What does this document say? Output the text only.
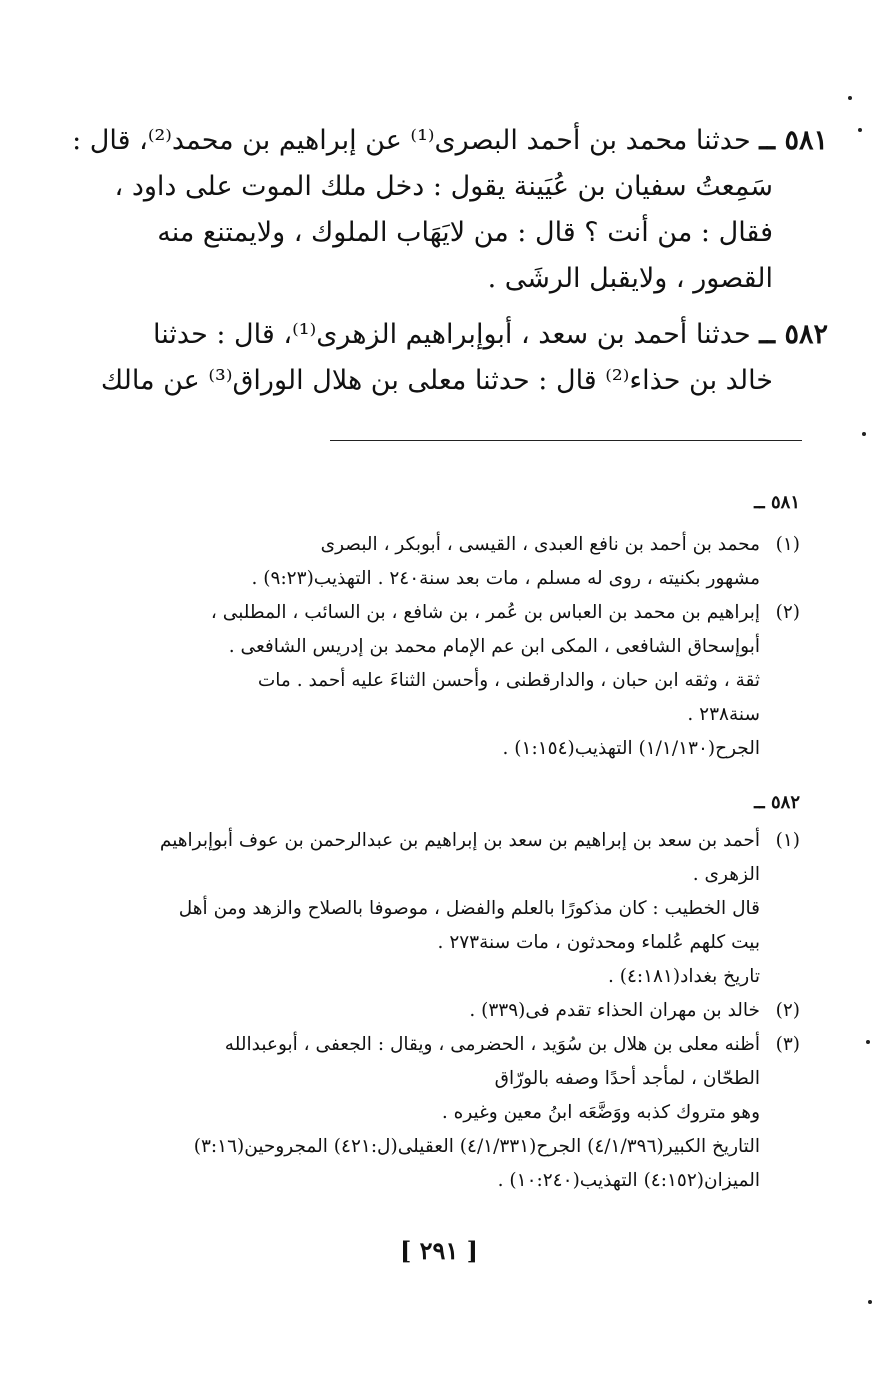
٥٨١ ــ حدثنا محمد بن أحمد البصرى⁽¹⁾ عن إبراهيم بن محمد⁽²⁾، قال :
سَمِعتُ سفيان بن عُيَينة يقول : دخل ملك الموت على داود ،
فقال : من أنت ؟ قال : من لايَهَاب الملوك ، ولايمتنع منه
القصور ، ولايقبل الرشَى .
٥٨٢ ــ حدثنا أحمد بن سعد ، أبوإبراهيم الزهرى⁽¹⁾، قال : حدثنا
خالد بن حذاء⁽²⁾ قال : حدثنا معلى بن هلال الوراق⁽³⁾ عن مالك
٥٨١ ــ
(١)
محمد بن أحمد بن نافع العبدى ، القيسى ، أبوبكر ، البصرى
مشهور بكنيته ، روى له مسلم ، مات بعد سنة٢٤٠ . التهذيب(٩:٢٣) .
(٢)
إبراهيم بن محمد بن العباس بن عُمر ، بن شافع ، بن السائب ، المطلبى ،
أبوإسحاق الشافعى ، المكى ابن عم الإمام محمد بن إدريس الشافعى .
ثقة ، وثقه ابن حبان ، والدارقطنى ، وأحسن الثناءَ عليه أحمد . مات
سنة٢٣٨ .
الجرح(١/١/١٣٠) التهذيب(١:١٥٤) .
٥٨٢ ــ
(١)
أحمد بن سعد بن إبراهيم بن سعد بن إبراهيم بن عبدالرحمن بن عوف أبوإبراهيم
الزهرى .
قال الخطيب : كان مذكورًا بالعلم والفضل ، موصوفا بالصلاح والزهد ومن أهل
بيت كلهم عُلماء ومحدثون ، مات سنة٢٧٣ .
تاريخ بغداد(٤:١٨١) .
(٢)
خالد بن مهران الحذاء تقدم فى(٣٣٩) .
(٣)
أظنه معلى بن هلال بن سُوَيد ، الحضرمى ، ويقال : الجعفى ، أبوعبدالله
الطحّان ، لمأجد أحدًا وصفه بالورّاق
وهو متروك كذبه ووَضَّعَه ابنُ معين وغيره .
التاريخ الكبير(٤/١/٣٩٦) الجرح(٤/١/٣٣١) العقيلى(ل:٤٢١) المجروحين(٣:١٦)
الميزان(٤:١٥٢) التهذيب(١٠:٢٤٠) .
[ ٢٩١ ]
